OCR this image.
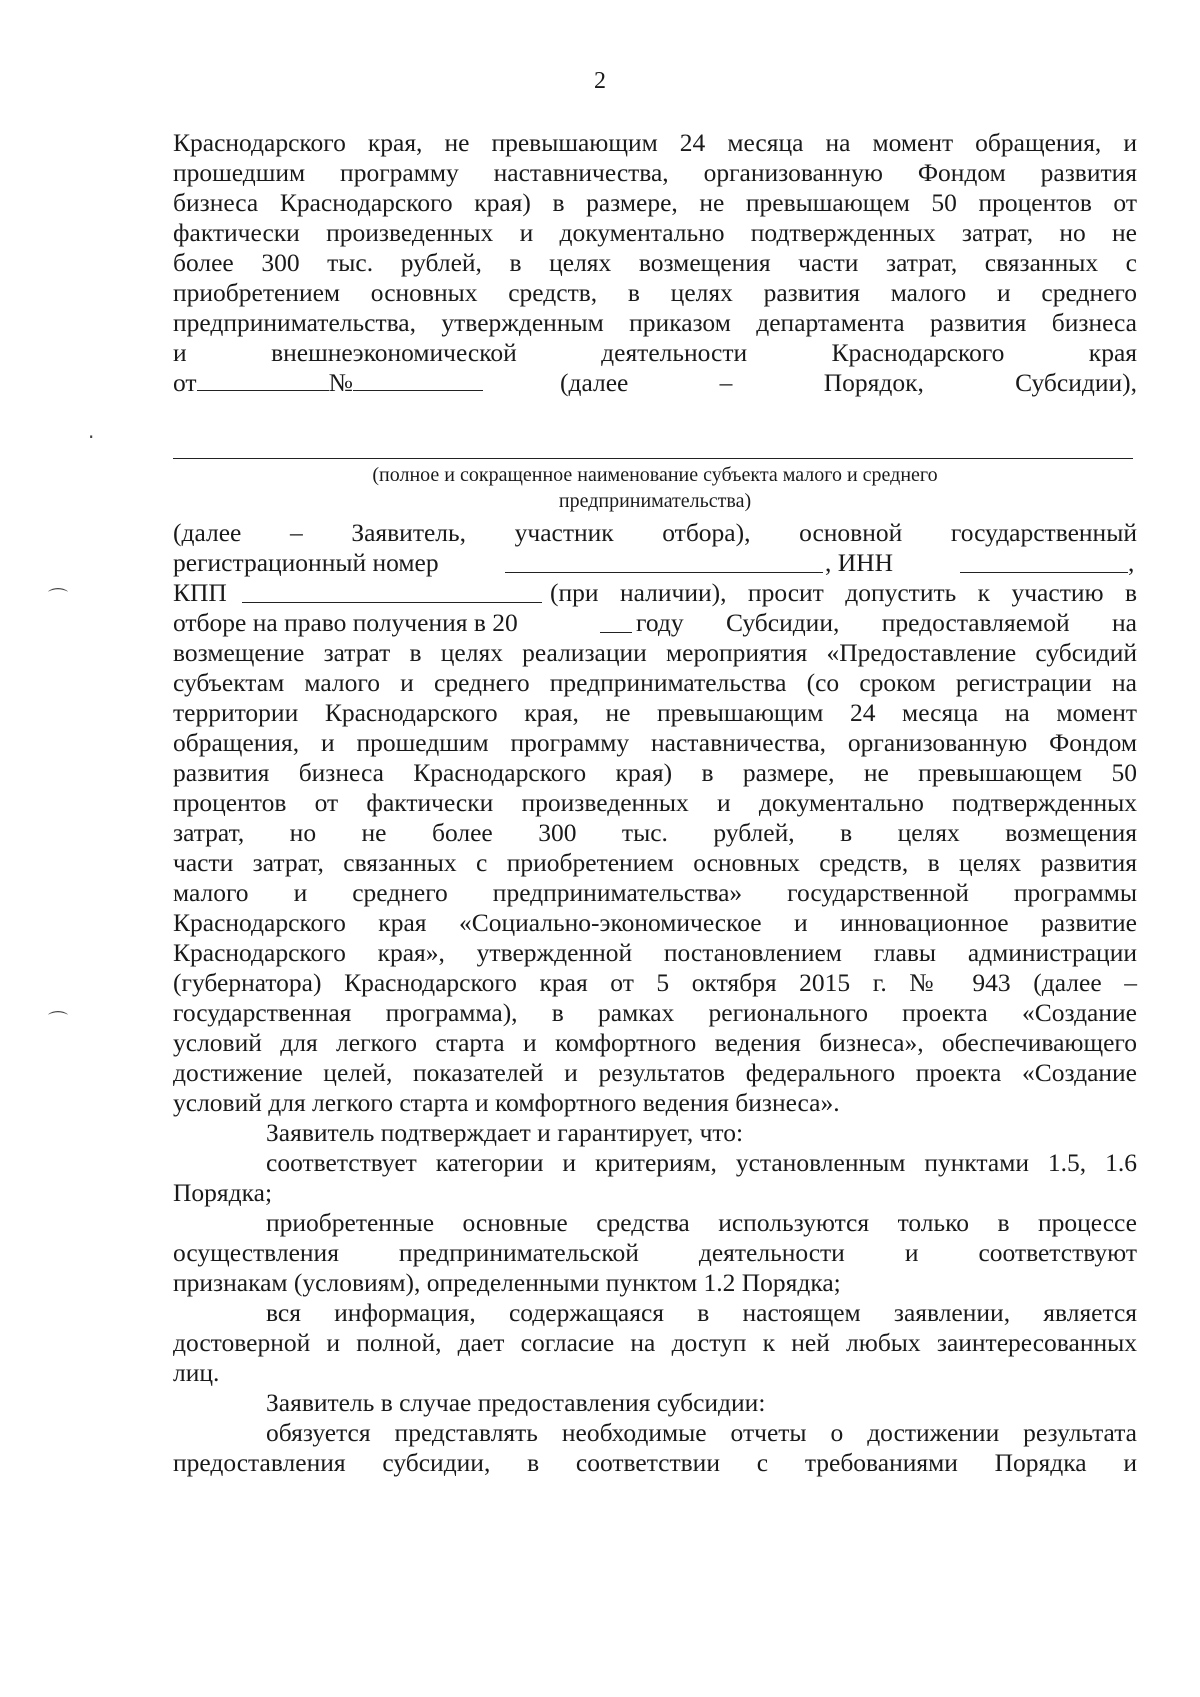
2
Краснодарского края, не превышающим 24 месяца на момент обращения, и
прошедшим программу наставничества, организованную Фондом развития
бизнеса Краснодарского края) в размере, не превышающем 50 процентов от
фактически произведенных и документально подтвержденных затрат, но не
более 300 тыс. рублей, в целях возмещения части затрат, связанных с
приобретением основных средств, в целях развития малого и среднего
предпринимательства, утвержденным приказом департамента развития бизнеса
и внешнеэкономической деятельности Краснодарского края
от	№	(далее – Порядок, Субсидии),
(полное и сокращенное наименование субъекта малого и среднего
предпринимательства)
(далее – Заявитель, участник отбора), основной государственный
регистрационный номер	, ИНН	,
КПП	(при наличии), просит допустить к участию в
отборе на право получения в 20	году Субсидии, предоставляемой на
возмещение затрат в целях реализации мероприятия «Предоставление субсидий
субъектам малого и среднего предпринимательства (со сроком регистрации на
территории Краснодарского края, не превышающим 24 месяца на момент
обращения, и прошедшим программу наставничества, организованную Фондом
развития бизнеса Краснодарского края) в размере, не превышающем 50
процентов от фактически произведенных и документально подтвержденных
затрат, но не более 300 тыс. рублей, в целях возмещения
части затрат, связанных с приобретением основных средств, в целях развития
малого и среднего предпринимательства» государственной программы
Краснодарского края «Социально-экономическое и инновационное развитие
Краснодарского края», утвержденной постановлением главы администрации
(губернатора) Краснодарского края от 5 октября 2015 г. № 943 (далее –
государственная программа), в рамках регионального проекта «Создание
условий для легкого старта и комфортного ведения бизнеса», обеспечивающего
достижение целей, показателей и результатов федерального проекта «Создание
условий для легкого старта и комфортного ведения бизнеса».
Заявитель подтверждает и гарантирует, что:
соответствует категории и критериям, установленным пунктами 1.5, 1.6
Порядка;
приобретенные основные средства используются только в процессе
осуществления предпринимательской деятельности и соответствуют
признакам (условиям), определенными пунктом 1.2 Порядка;
вся информация, содержащаяся в настоящем заявлении, является
достоверной и полной, дает согласие на доступ к ней любых заинтересованных
лиц.
Заявитель в случае предоставления субсидии:
обязуется представлять необходимые отчеты о достижении результата
предоставления субсидии, в соответствии с требованиями Порядка и
·
⌒
⌒
